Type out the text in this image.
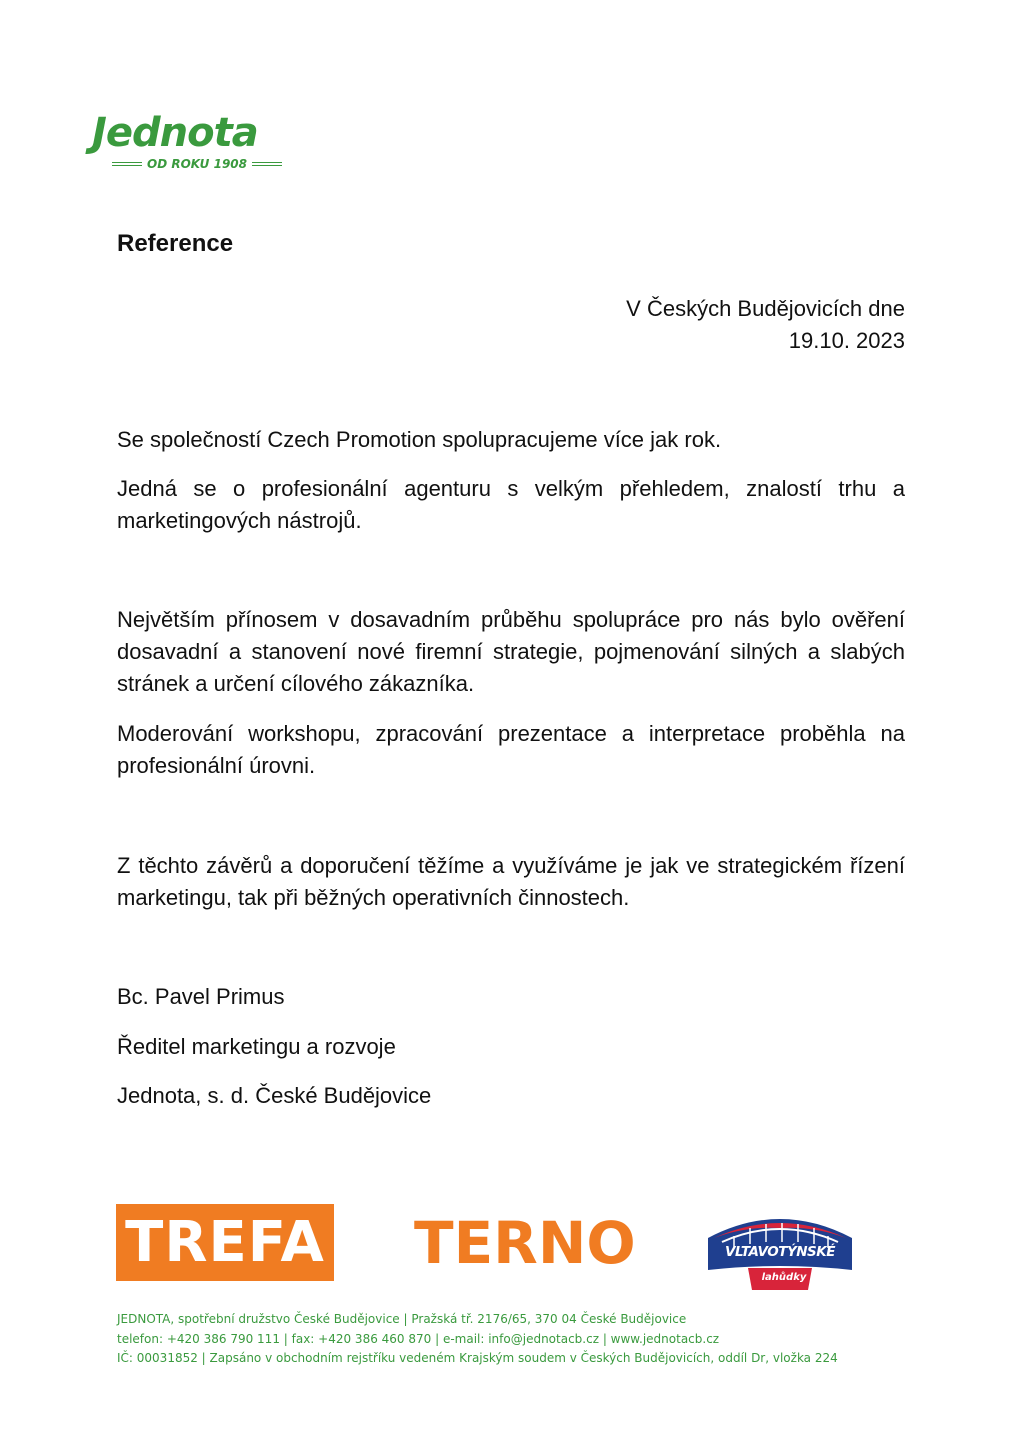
Jednota
OD ROKU 1908
Reference
V Českých Budějovicích dne
19.10. 2023

Se společností Czech Promotion spolupracujeme více jak rok.

Jedná se o profesionální agenturu s velkým přehledem, znalostí trhu a marketingových nástrojů.

Největším přínosem v dosavadním průběhu spolupráce pro nás bylo ověření dosavadní a stanovení nové firemní strategie, pojmenování silných a slabých stránek a určení cílového zákazníka.

Moderování workshopu, zpracování prezentace a interpretace proběhla na profesionální úrovni.

Z těchto závěrů a doporučení těžíme a využíváme je jak ve strategickém řízení marketingu, tak při běžných operativních činnostech.

Bc. Pavel Primus
Ředitel marketingu a rozvoje
Jednota, s. d. České Budějovice
TREFA TERNO	VLTAVOTÝNSKÉ
lahůdky
JEDNOTA, spotřební družstvo České Budějovice | Pražská tř. 2176/65, 370 04 České Budějovice
telefon: +420 386 790 111 | fax: +420 386 460 870 | e-mail: info@jednotacb.cz | www.jednotacb.cz
IČ: 00031852 | Zapsáno v obchodním rejstříku vedeném Krajským soudem v Českých Budějovicích, oddíl Dr, vložka 224
